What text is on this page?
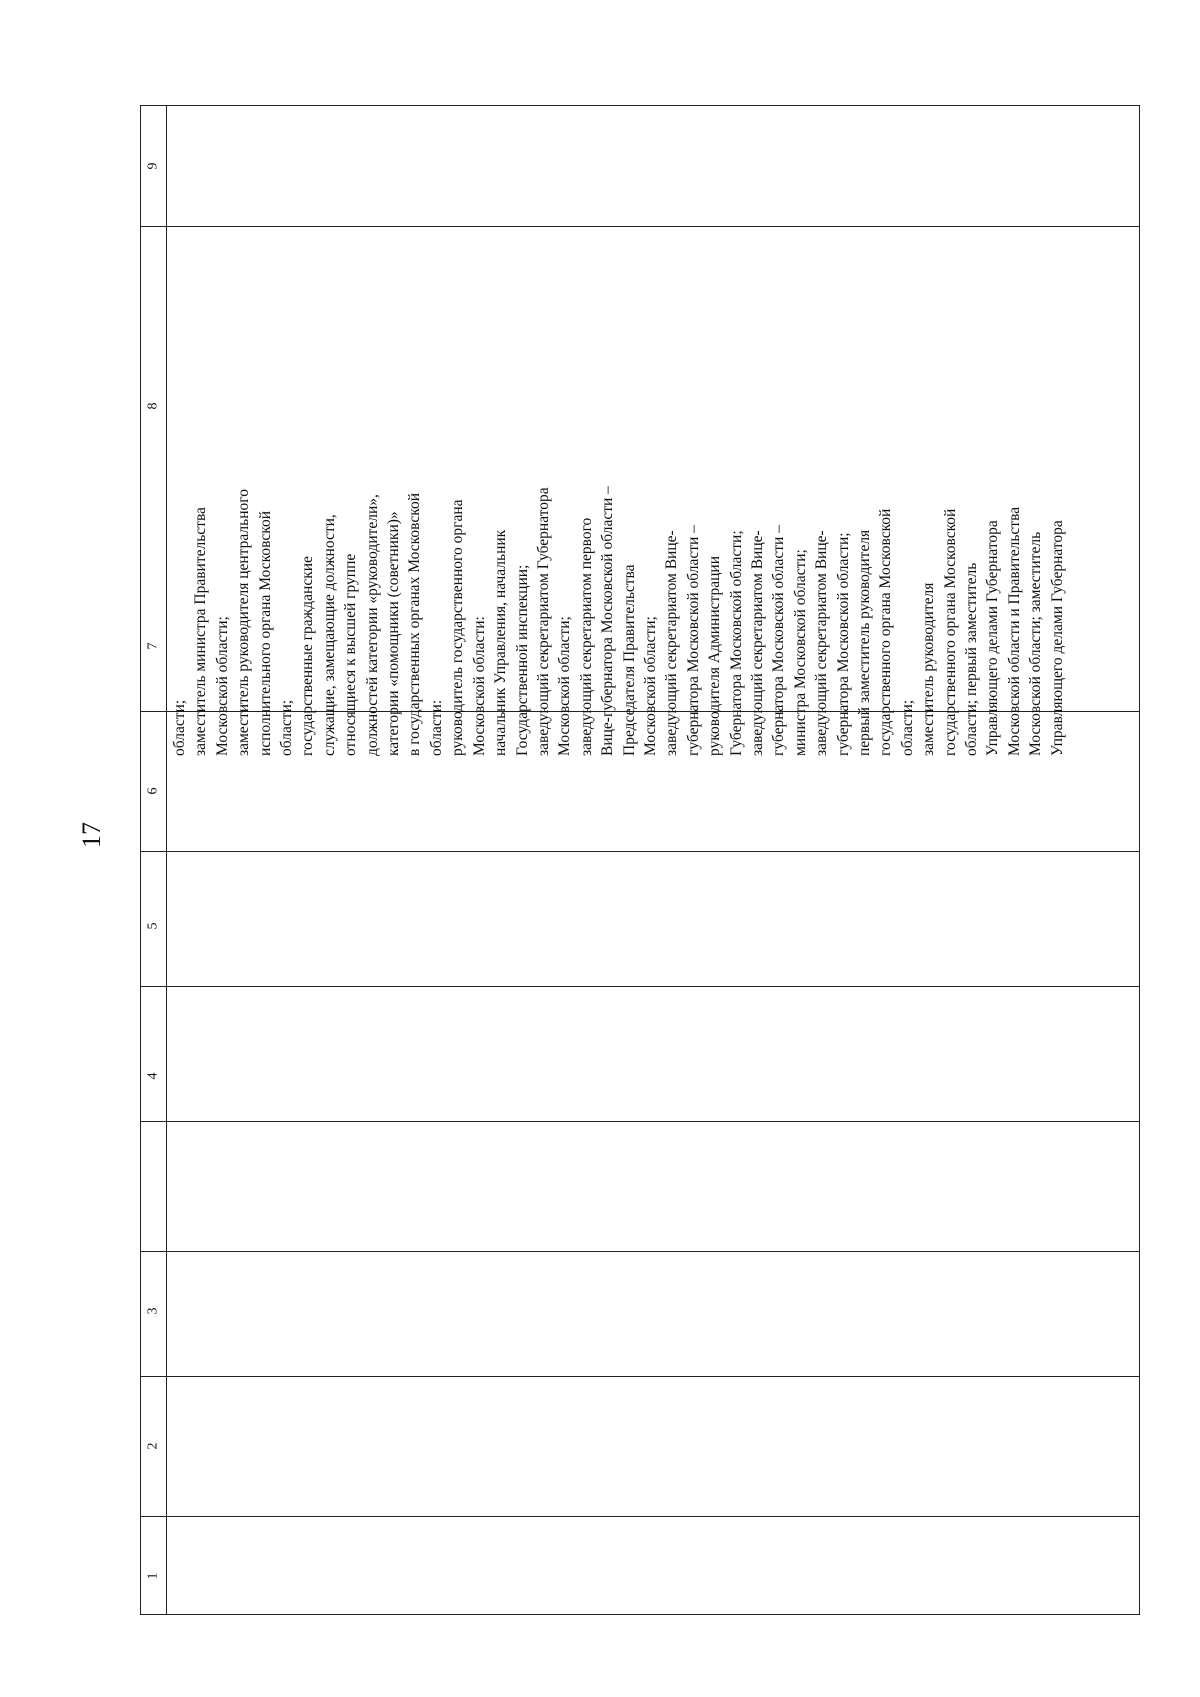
17
9
8
7
6
5
4
3
2
1
области; заместитель министра Правительства Московской области; заместитель руководителя центрального исполнительного органа Московской области; государственные гражданские служащие, замещающие должности, относящиеся к высшей группе должностей категории «руководители», категории «помощники (советники)» в государственных органах Московской области: руководитель государственного органа Московской области: начальник Управления, начальник Государственной инспекции; заведующий секретариатом Губернатора Московской области; заведующий секретариатом первого Вице-губернатора Московской области – Председателя Правительства Московской области; заведующий секретариатом Вице- губернатора Московской области – руководителя Администрации Губернатора Московской области; заведующий секретариатом Вице- губернатора Московской области – министра Московской области; заведующий секретариатом Вице- губернатора Московской области; первый заместитель руководителя государственного органа Московской области; заместитель руководителя государственного органа Московской области; первый заместитель Управляющего делами Губернатора Московской области и Правительства Московской области; заместитель Управляющего делами Губернатора
